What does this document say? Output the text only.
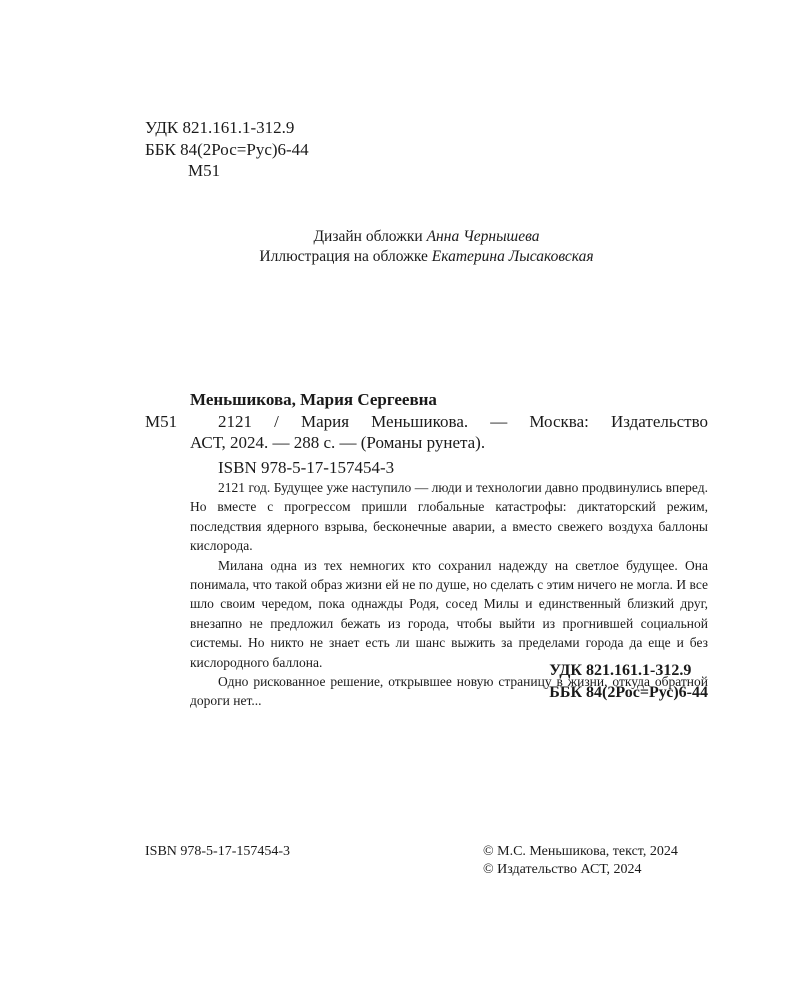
УДК 821.161.1-312.9
ББК 84(2Рос=Рус)6-44
М51
Дизайн обложки Анна Чернышева
Иллюстрация на обложке Екатерина Лысаковская
Меньшикова, Мария Сергеевна
М51	2121 / Мария Меньшикова. — Москва: Издательство
АСТ, 2024. — 288 с. — (Романы рунета).
ISBN 978-5-17-157454-3

2121 год. Будущее уже наступило — люди и технологии давно продвинулись вперед. Но вместе с прогрессом пришли глобальные катастрофы: диктаторский режим, последствия ядерного взрыва, бесконечные аварии, а вместо свежего воздуха баллоны кислорода.

Милана одна из тех немногих кто сохранил надежду на светлое будущее. Она понимала, что такой образ жизни ей не по душе, но сделать с этим ничего не могла. И все шло своим чередом, пока однажды Родя, сосед Милы и единственный близкий друг, внезапно не предложил бежать из города, чтобы выйти из прогнившей социальной системы. Но никто не знает есть ли шанс выжить за пределами города да еще и без кислородного баллона.

Одно рискованное решение, открывшее новую страницу в жизни, откуда обратной дороги нет...

УДК 821.161.1-312.9
ББК 84(2Рос=Рус)6-44
ISBN 978-5-17-157454-3	© М.С. Меньшикова, текст, 2024
© Издательство АСТ, 2024
